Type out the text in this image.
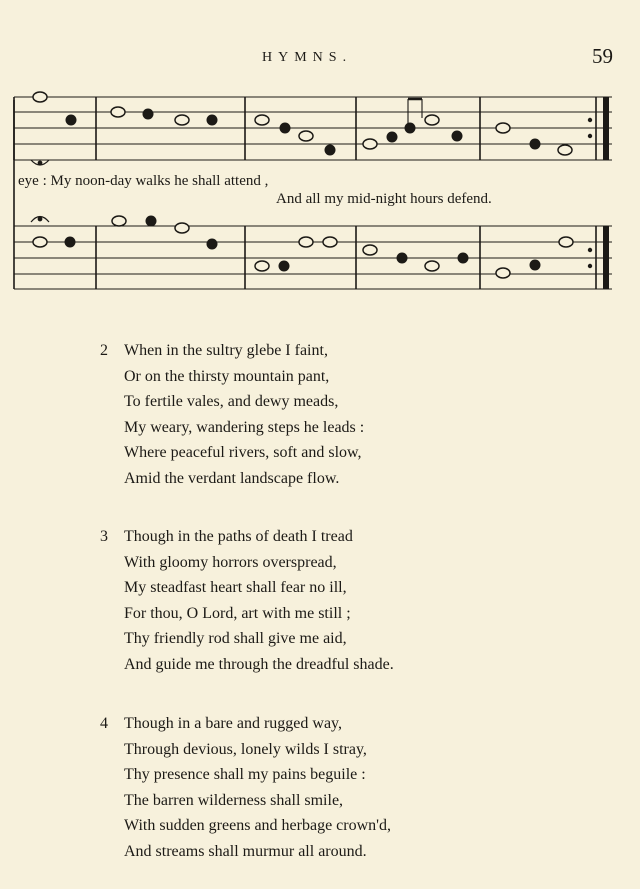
HYMNS.	59
eye : My noon-day walks he shall attend ,
And all my mid-night hours defend.
2 When in the sultry glebe I faint,
Or on the thirsty mountain pant,
To fertile vales, and dewy meads,
My weary, wandering steps he leads :
Where peaceful rivers, soft and slow,
Amid the verdant landscape flow.
3 Though in the paths of death I tread
With gloomy horrors overspread,
My steadfast heart shall fear no ill,
For thou, O Lord, art with me still ;
Thy friendly rod shall give me aid,
And guide me through the dreadful shade.
4 Though in a bare and rugged way,
Through devious, lonely wilds I stray,
Thy presence shall my pains beguile :
The barren wilderness shall smile,
With sudden greens and herbage crown'd,
And streams shall murmur all around.
